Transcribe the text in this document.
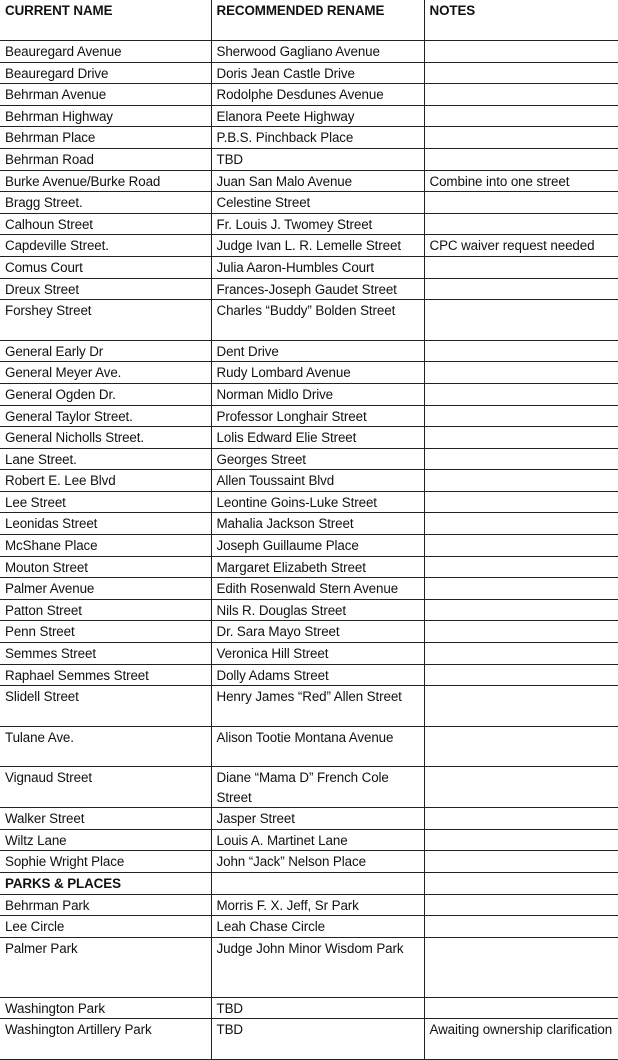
CURRENT NAME	RECOMMENDED RENAME	NOTES
Beauregard Avenue	Sherwood Gagliano Avenue	
Beauregard Drive	Doris Jean Castle Drive	
Behrman Avenue	Rodolphe Desdunes Avenue	
Behrman Highway	Elanora Peete Highway	
Behrman Place	P.B.S. Pinchback Place	
Behrman Road	TBD	
Burke Avenue/Burke Road	Juan San Malo Avenue	Combine into one street
Bragg Street.	Celestine Street	
Calhoun Street	Fr. Louis J. Twomey Street	
Capdeville Street.	Judge Ivan L. R. Lemelle Street	CPC waiver request needed
Comus Court	Julia Aaron-Humbles Court	
Dreux Street	Frances-Joseph Gaudet Street	
Forshey Street	Charles “Buddy” Bolden Street	
General Early Dr	Dent Drive	
General Meyer Ave.	Rudy Lombard Avenue	
General Ogden Dr.	Norman Midlo Drive	
General Taylor Street.	Professor Longhair Street	
General Nicholls Street.	Lolis Edward Elie Street	
Lane Street.	Georges Street	
Robert E. Lee Blvd	Allen Toussaint Blvd	
Lee Street	Leontine Goins-Luke Street	
Leonidas Street	Mahalia Jackson Street	
McShane Place	Joseph Guillaume Place	
Mouton Street	Margaret Elizabeth Street	
Palmer Avenue	Edith Rosenwald Stern Avenue	
Patton Street	Nils R. Douglas Street	
Penn Street	Dr. Sara Mayo Street	
Semmes Street	Veronica Hill Street	
Raphael Semmes Street	Dolly Adams Street	
Slidell Street	Henry James “Red” Allen Street	
Tulane Ave.	Alison Tootie Montana Avenue	
Vignaud Street	Diane “Mama D” French Cole Street	
Walker Street	Jasper Street	
Wiltz Lane	Louis A. Martinet Lane	
Sophie Wright Place	John “Jack” Nelson Place	
PARKS & PLACES		
Behrman Park	Morris F. X. Jeff, Sr Park	
Lee Circle	Leah Chase Circle	
Palmer Park	Judge John Minor Wisdom Park	
Washington Park	TBD	
Washington Artillery Park	TBD	Awaiting ownership clarification
